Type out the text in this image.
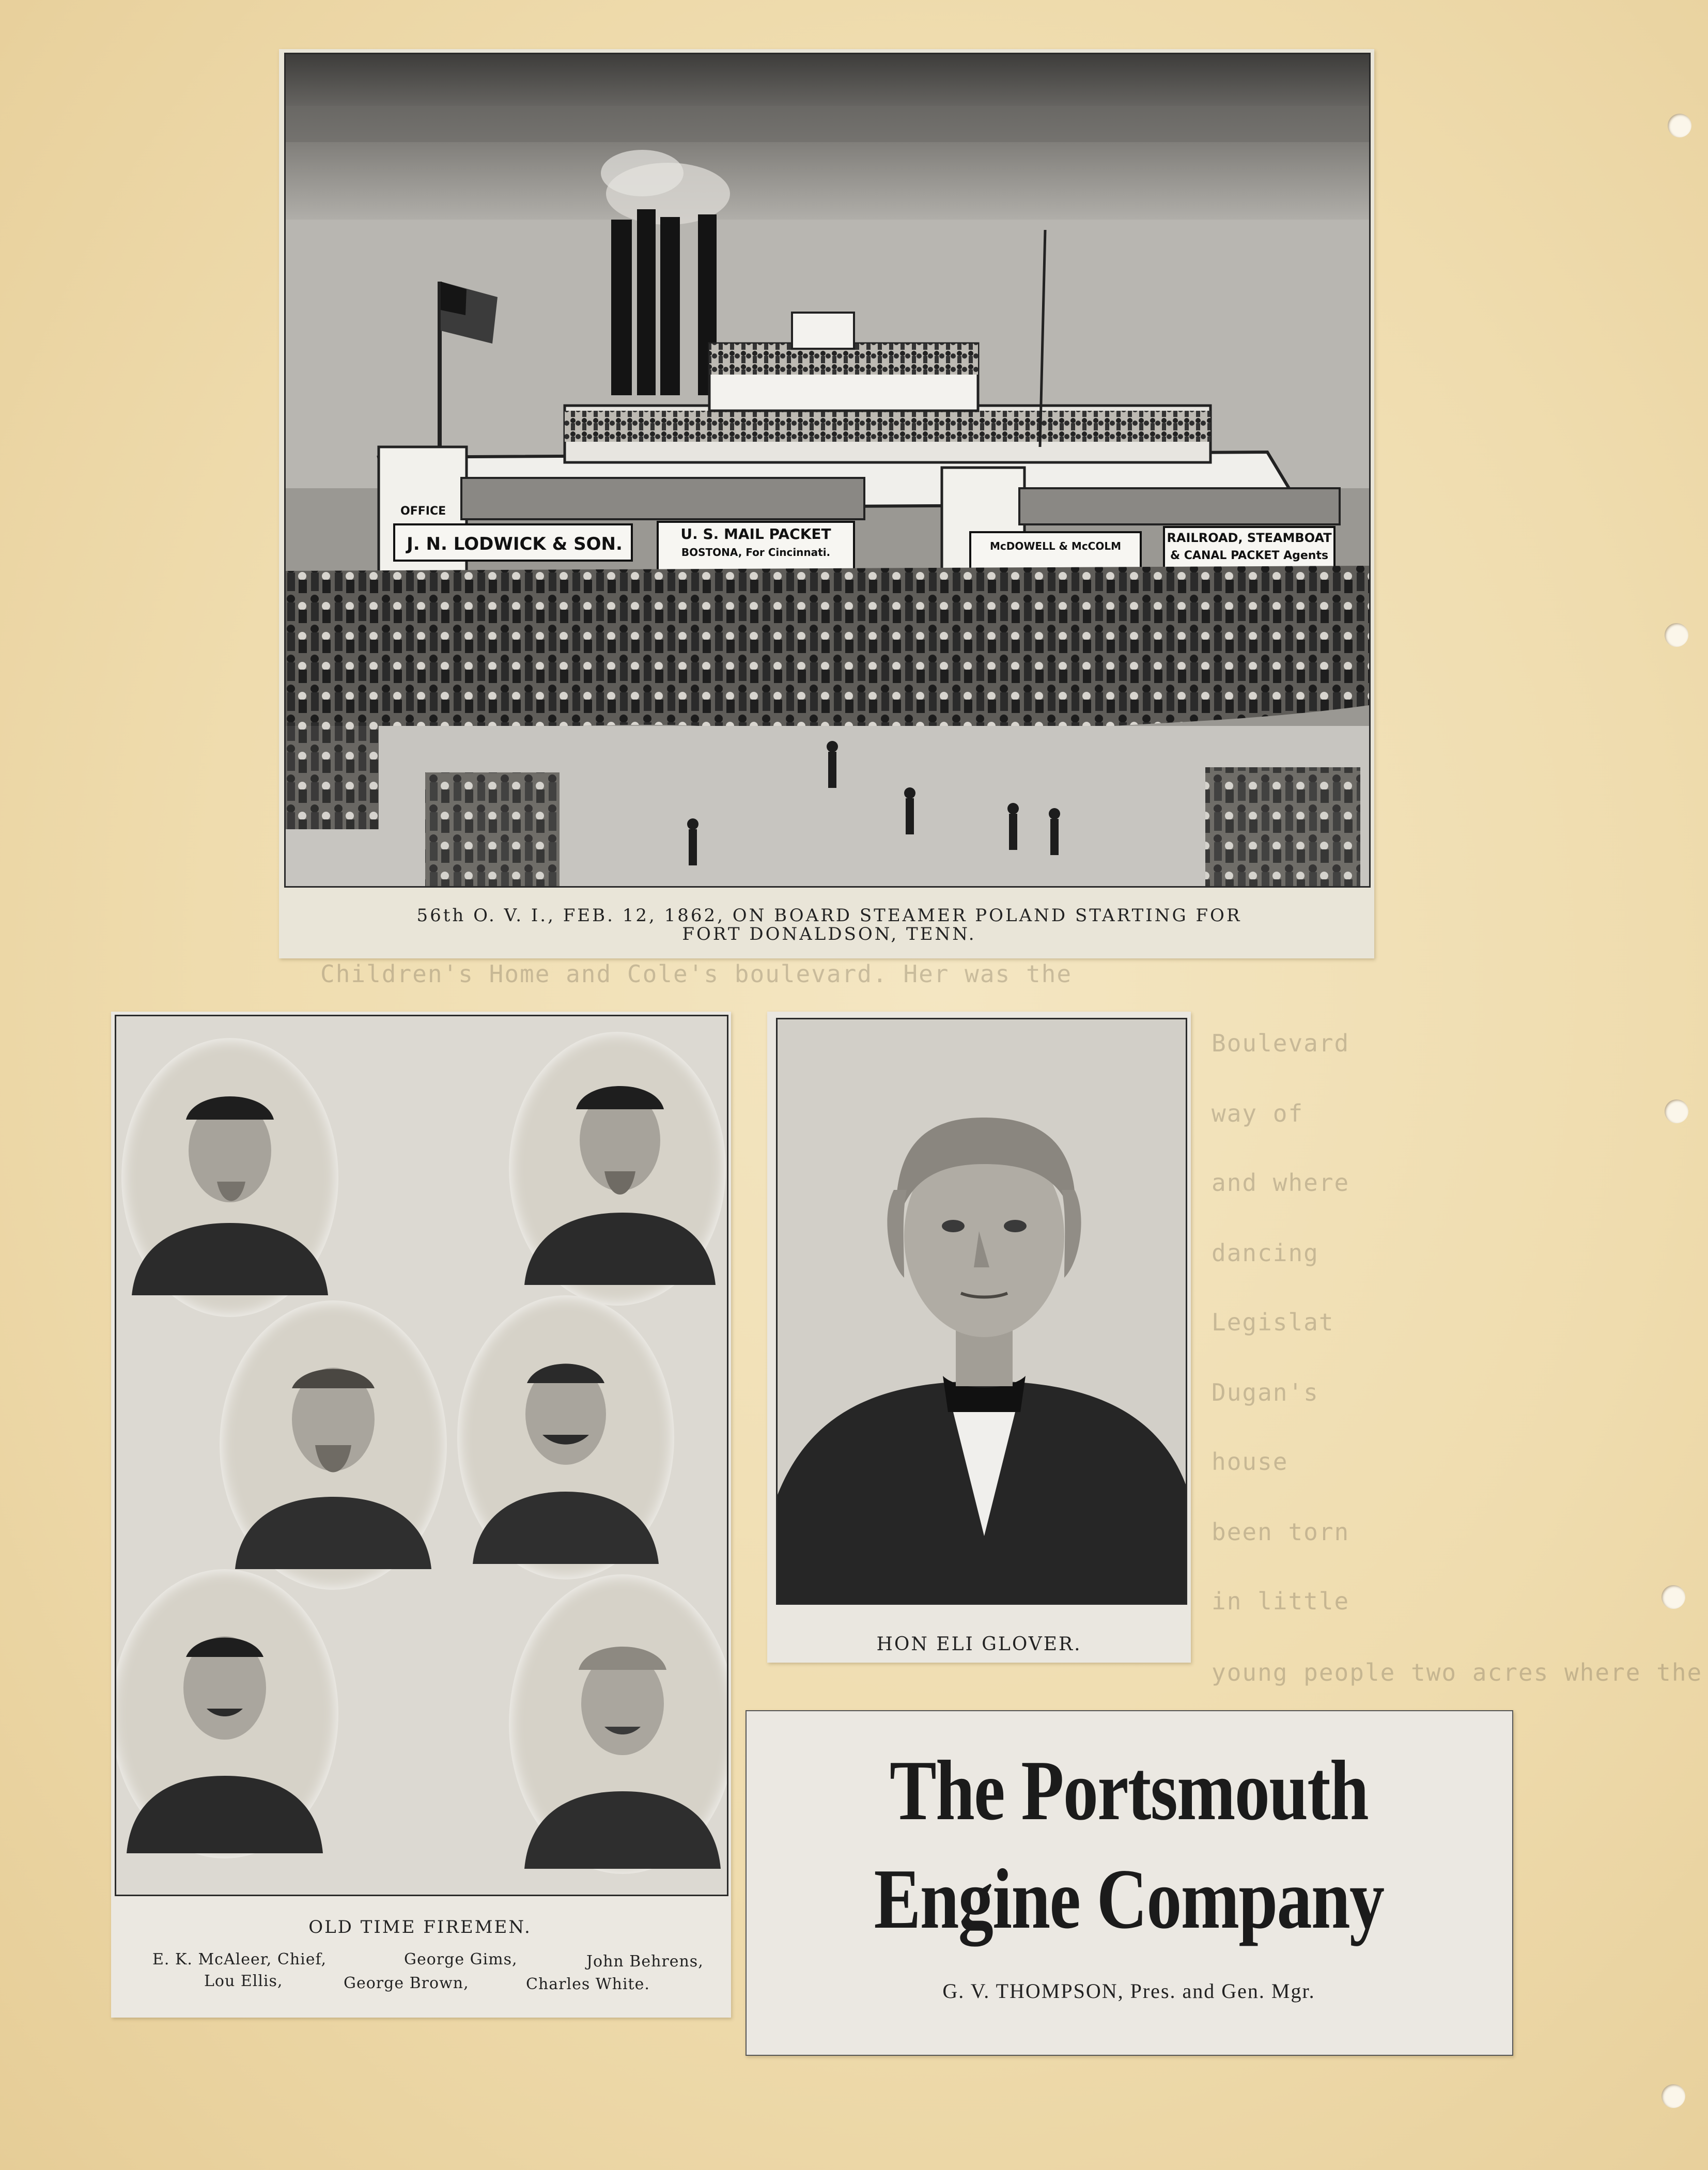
Children's Home and Cole's boulevard. Her was the
Boulevard
way of
and where
dancing
Legislat
Dugan's
house
been torn
in little
young people two acres where the
OFFICE
J. N. LODWICK & SON.	U. S. MAIL PACKET
BOSTONA, For Cincinnati.	McDOWELL & McCOLM
RAILROAD, STEAMBOAT
& CANAL PACKET Agents
56th O. V. I., FEB. 12, 1862, ON BOARD STEAMER POLAND STARTING FOR
FORT DONALDSON, TENN.
OLD TIME FIREMEN.
E. K. McAleer, Chief,	George Gims,	John Behrens,
Lou Ellis,	George Brown,	Charles White.
HON ELI GLOVER.
The Portsmouth
Engine Company
G. V. THOMPSON, Pres. and Gen. Mgr.
